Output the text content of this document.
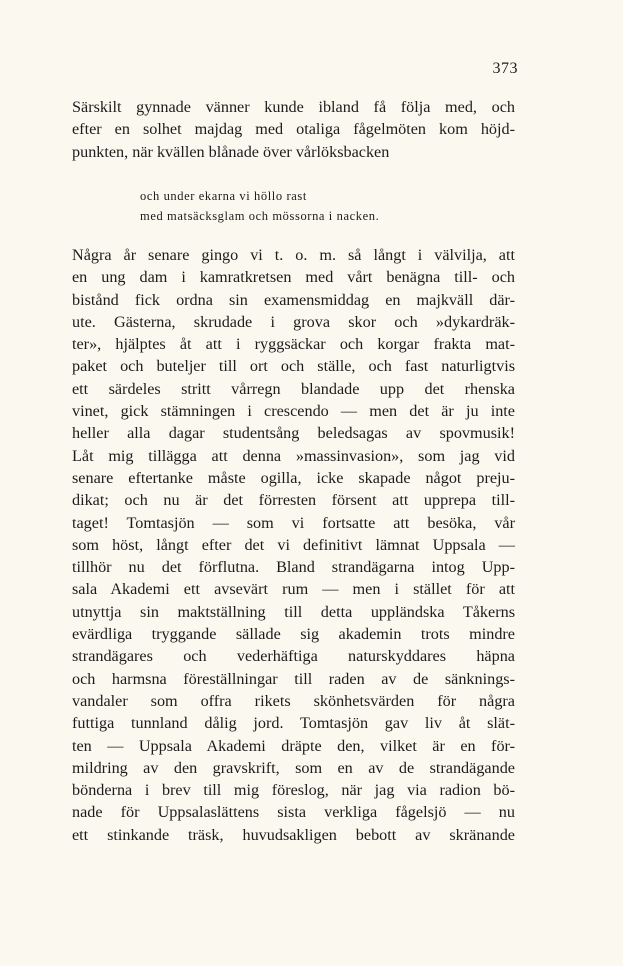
373
Särskilt gynnade vänner kunde ibland få följa med, och
efter en solhet majdag med otaliga fågelmöten kom höjd-
punkten, när kvällen blånade över vårlöksbacken
och under ekarna vi höllo rast
med matsäcksglam och mössorna i nacken.
Några år senare gingo vi t. o. m. så långt i välvilja, att
en ung dam i kamratkretsen med vårt benägna till- och
bistånd fick ordna sin examensmiddag en majkväll där-
ute. Gästerna, skrudade i grova skor och »dykardräk-
ter», hjälptes åt att i ryggsäckar och korgar frakta mat-
paket och buteljer till ort och ställe, och fast naturligtvis
ett särdeles stritt vårregn blandade upp det rhenska
vinet, gick stämningen i crescendo — men det är ju inte
heller alla dagar studentsång beledsagas av spovmusik!
Låt mig tillägga att denna »massinvasion», som jag vid
senare eftertanke måste ogilla, icke skapade något preju-
dikat; och nu är det förresten försent att upprepa till-
taget! Tomtasjön — som vi fortsatte att besöka, vår
som höst, långt efter det vi definitivt lämnat Uppsala —
tillhör nu det förflutna. Bland strandägarna intog Upp-
sala Akademi ett avsevärt rum — men i stället för att
utnyttja sin maktställning till detta uppländska Tåkerns
evärdliga tryggande sällade sig akademin trots mindre
strandägares och vederhäftiga naturskyddares häpna
och harmsna föreställningar till raden av de sänknings-
vandaler som offra rikets skönhetsvärden för några
futtiga tunnland dålig jord. Tomtasjön gav liv åt slät-
ten — Uppsala Akademi dräpte den, vilket är en för-
mildring av den gravskrift, som en av de strandägande
bönderna i brev till mig föreslog, när jag via radion bö-
nade för Uppsalaslättens sista verkliga fågelsjö — nu
ett stinkande träsk, huvudsakligen bebott av skränande
